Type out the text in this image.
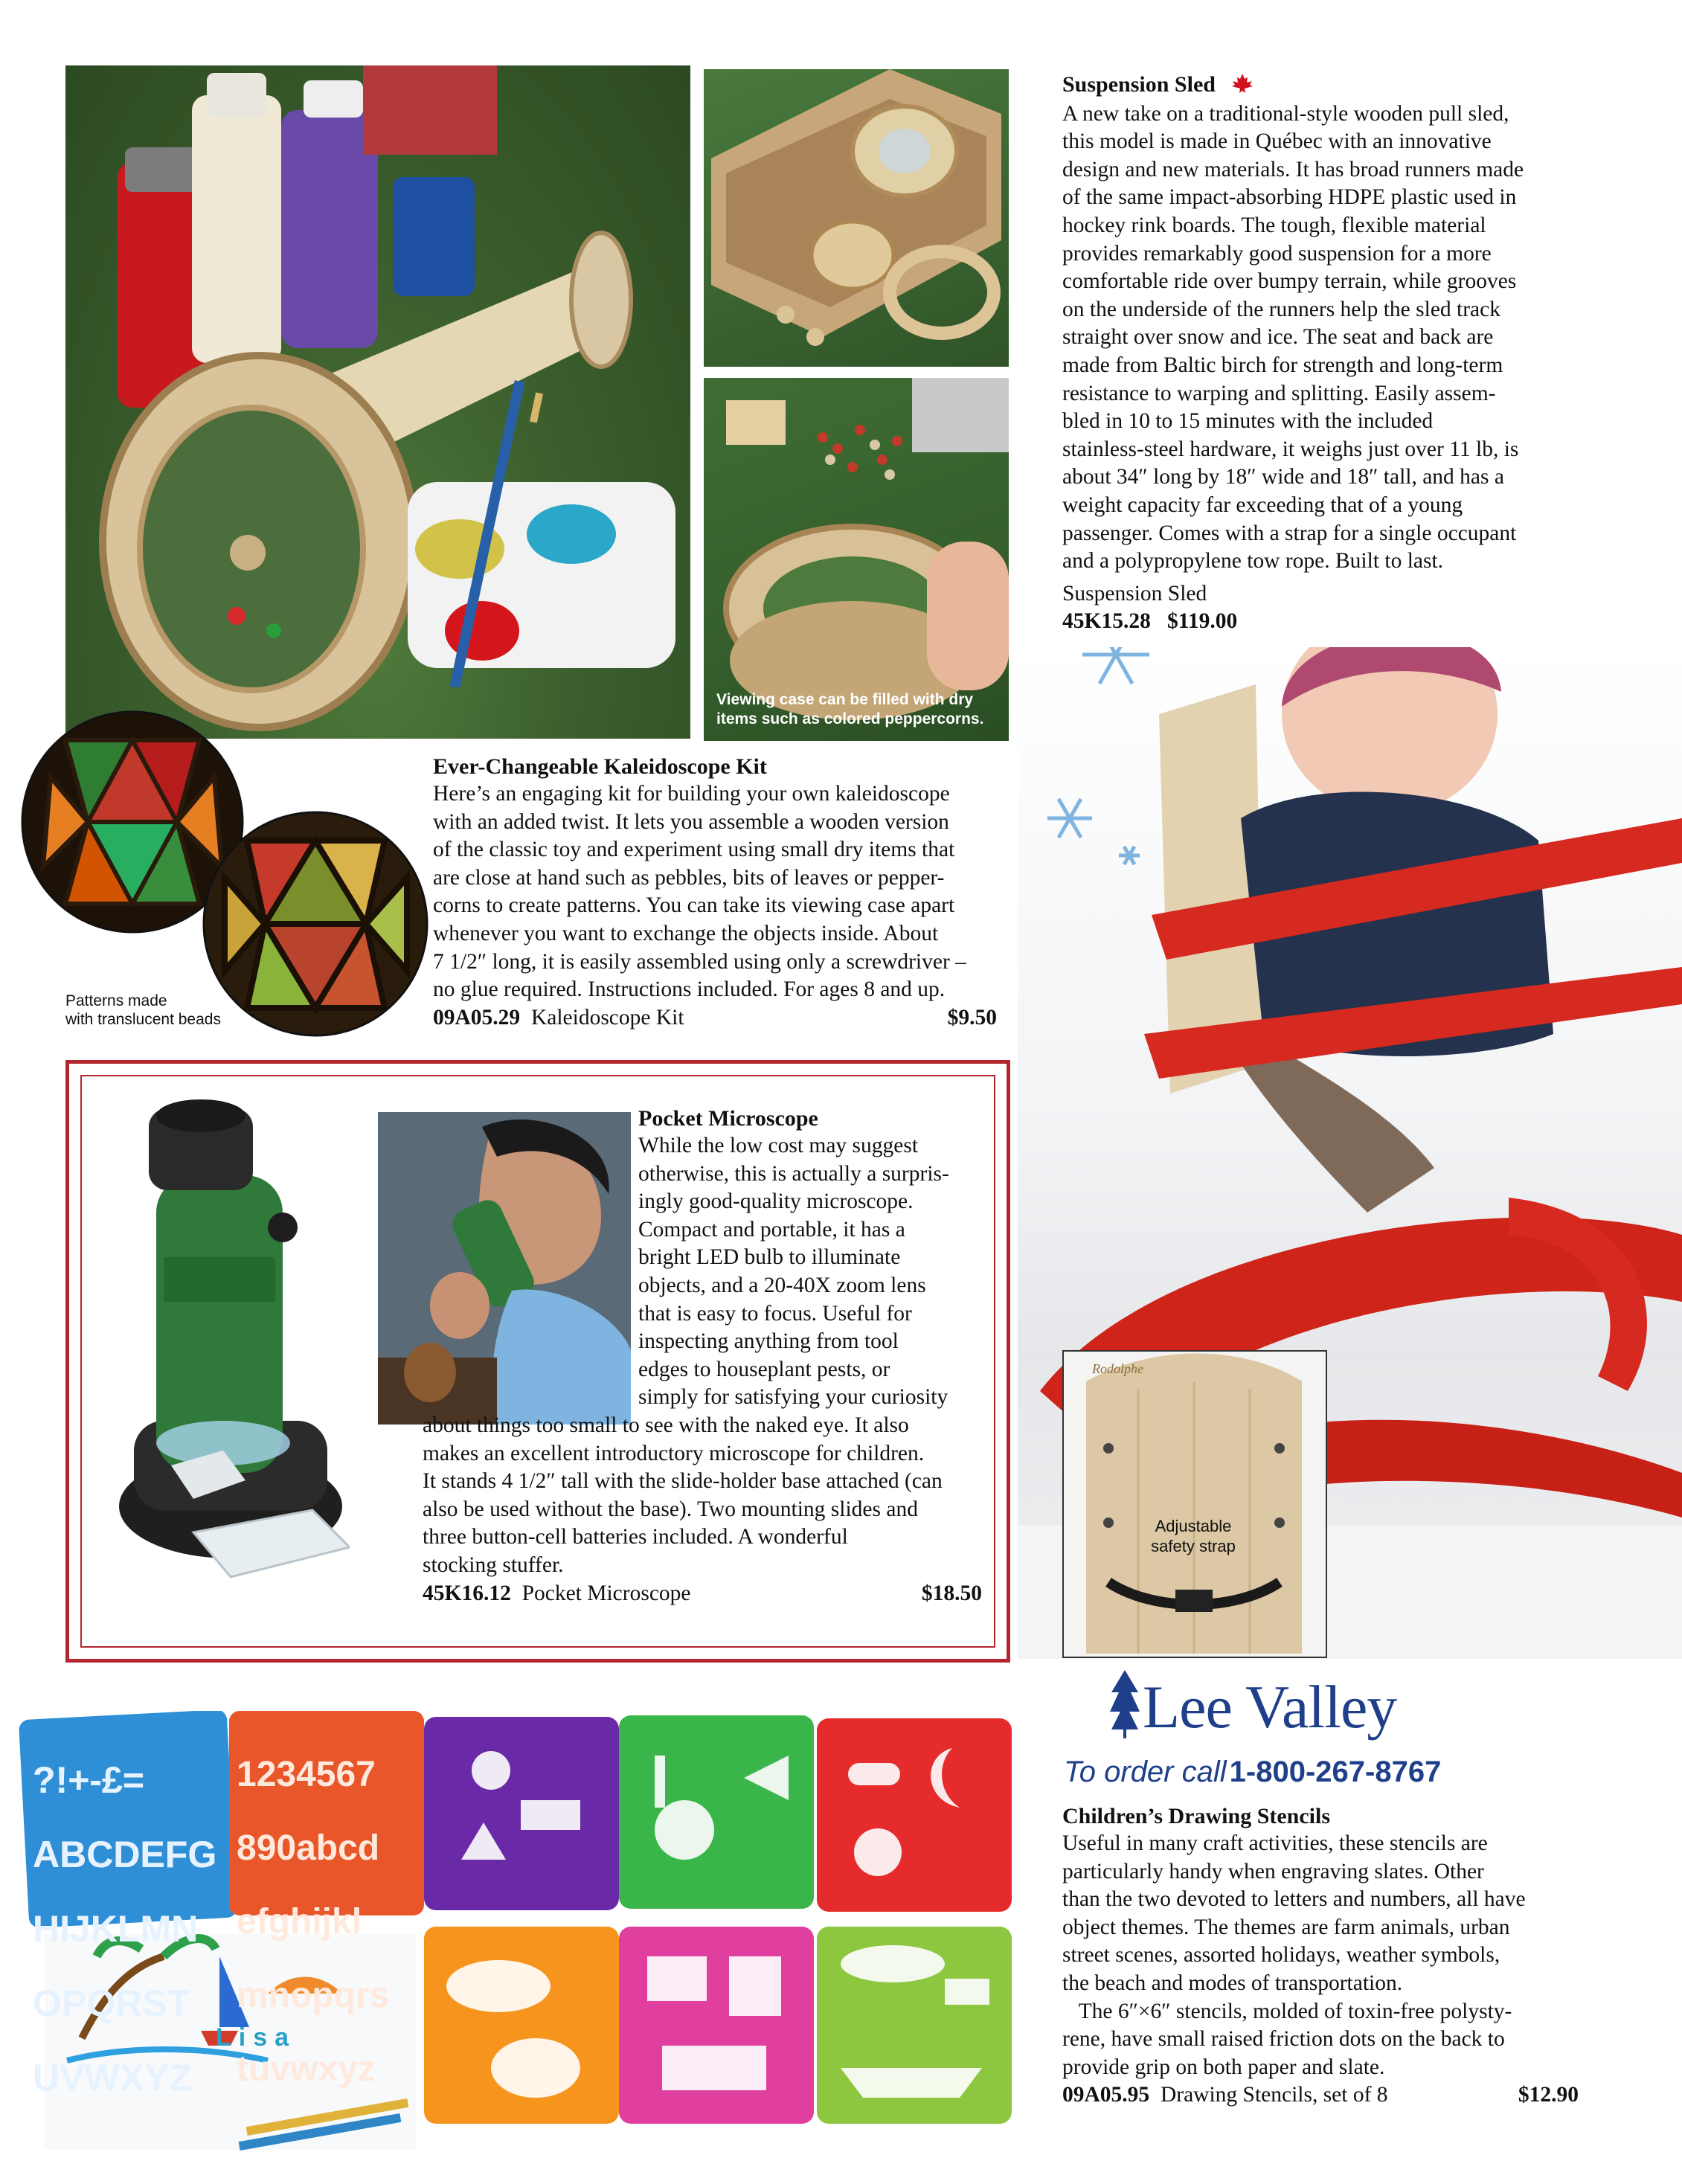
Viewing case can be filled with dry items such as colored peppercorns.
Patterns made
with translucent beads

Ever-Changeable Kaleidoscope Kit

Here’s an engaging kit for building your own kaleidoscope

with an added twist. It lets you assemble a wooden version

of the classic toy and experiment using small dry items that

are close at hand such as pebbles, bits of leaves or pepper-

corns to create patterns. You can take its viewing case apart

whenever you want to exchange the objects inside. About

7 1/2″ long, it is easily assembled using only a screwdriver –

no glue required. Instructions included. For ages 8 and up.

09A05.29
Kaleidoscope Kit	$9.50

Pocket Microscope

While the low cost may suggest

otherwise, this is actually a surpris-

ingly good-quality microscope.

Compact and portable, it has a

bright LED bulb to illuminate

objects, and a 20-40X zoom lens

that is easy to focus. Useful for

inspecting anything from tool

edges to houseplant pests, or

simply for satisfying your curiosity

about things too small to see with the naked eye. It also

makes an excellent introductory microscope for children.

It stands 4 1/2″ tall with the slide-holder base attached (can

also be used without the base). Two mounting slides and

three button-cell batteries included. A wonderful

stocking stuffer.

45K16.12
Pocket Microscope	$18.50

Suspension Sled

A new take on a traditional-style wooden pull sled,

this model is made in Québec with an innovative

design and new materials. It has broad runners made

of the same impact-absorbing HDPE plastic used in

hockey rink boards. The tough, flexible material

provides remarkably good suspension for a more

comfortable ride over bumpy terrain, while grooves

on the underside of the runners help the sled track

straight over snow and ice. The seat and back are

made from Baltic birch for strength and long-term

resistance to warping and splitting. Easily assem-

bled in 10 to 15 minutes with the included

stainless-steel hardware, it weighs just over 11 lb, is

about 34″ long by 18″ wide and 18″ tall, and has a

weight capacity far exceeding that of a young

passenger. Comes with a strap for a single occupant

and a polypropylene tow rope. Built to last.

Suspension Sled

45K15.28 $119.00

Rodolphe
Adjustable
safety strap
Lee Valley
To order call 1-800-267-8767

?!+-£=

ABCDEFG

HIJKLMN

OPQRST

UVWXYZ

1234567

890abcd

efghijkl

mnopqrs

tuvwxyz

Lisa

Children’s Drawing Stencils

Useful in many craft activities, these stencils are

particularly handy when engraving slates. Other

than the two devoted to letters and numbers, all have

object themes. The themes are farm animals, urban

street scenes, assorted holidays, weather symbols,

the beach and modes of transportation.

The 6″×6″ stencils, molded of toxin-free polysty-

rene, have small raised friction dots on the back to

provide grip on both paper and slate.

09A05.95
Drawing Stencils, set of 8	$12.90
